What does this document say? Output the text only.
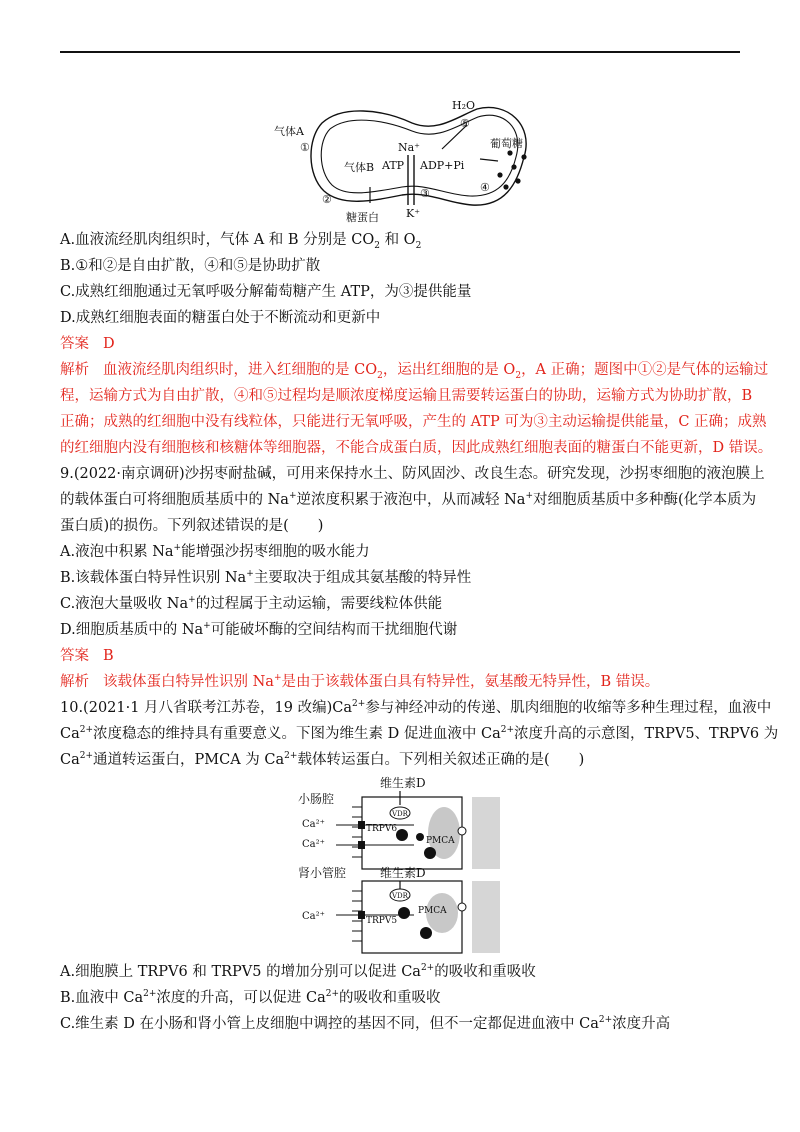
H₂O
⑤
气体A
①	Na⁺	葡萄糖
气体B ATP ADP+Pi
③	④
②
K⁺
糖蛋白
A.血液流经肌肉组织时，气体 A 和 B 分别是 $CO_2$ 和 $O_2$
B.①和②是自由扩散，④和⑤是协助扩散
C.成熟红细胞通过无氧呼吸分解葡萄糖产生 ATP，为③提供能量
D.成熟红细胞表面的糖蛋白处于不断流动和更新中
答案 D
解析 血液流经肌肉组织时，进入红细胞的是 $CO_2$，运出红细胞的是 $O_2$，A 正确；题图中①②是气体的运输过
程，运输方式为自由扩散，④和⑤过程均是顺浓度梯度运输且需要转运蛋白的协助，运输方式为协助扩散，B
正确；成熟的红细胞中没有线粒体，只能进行无氧呼吸，产生的 ATP 可为③主动运输提供能量，C 正确；成熟
的红细胞内没有细胞核和核糖体等细胞器，不能合成蛋白质，因此成熟红细胞表面的糖蛋白不能更新，D 错误。
9.(2022·南京调研)沙拐枣耐盐碱，可用来保持水土、防风固沙、改良生态。研究发现，沙拐枣细胞的液泡膜上
的载体蛋白可将细胞质基质中的 Na+逆浓度积累于液泡中，从而减轻 Na+对细胞质基质中多种酶(化学本质为
蛋白质)的损伤。下列叙述错误的是(　　)
A.液泡中积累 Na+能增强沙拐枣细胞的吸水能力
B.该载体蛋白特异性识别 Na+主要取决于组成其氨基酸的特异性
C.液泡大量吸收 Na+的过程属于主动运输，需要线粒体供能
D.细胞质基质中的 Na+可能破坏酶的空间结构而干扰细胞代谢
答案 B
解析 该载体蛋白特异性识别 Na+是由于该载体蛋白具有特异性，氨基酸无特异性，B 错误。
10.(2021·1 月八省联考江苏卷，19 改编)$Ca^{2+}$参与神经冲动的传递、肌肉细胞的收缩等多种生理过程，血液中
$Ca^{2+}$浓度稳态的维持具有重要意义。下图为维生素 D 促进血液中 $Ca^{2+}$浓度升高的示意图，TRPV5、TRPV6 为
$Ca^{2+}$通道转运蛋白，PMCA 为 $Ca^{2+}$载体转运蛋白。下列相关叙述正确的是(　　)
维生素D
小肠腔
VDR
TRPV6
Ca²⁺
Ca²⁺	PMCA
维生素D
肾小管腔
VDR
TRPV5
Ca²⁺	PMCA
A.细胞膜上 TRPV6 和 TRPV5 的增加分别可以促进 $Ca^{2+}$的吸收和重吸收
B.血液中 $Ca^{2+}$浓度的升高，可以促进 $Ca^{2+}$的吸收和重吸收
C.维生素 D 在小肠和肾小管上皮细胞中调控的基因不同，但不一定都促进血液中 $Ca^{2+}$浓度升高
